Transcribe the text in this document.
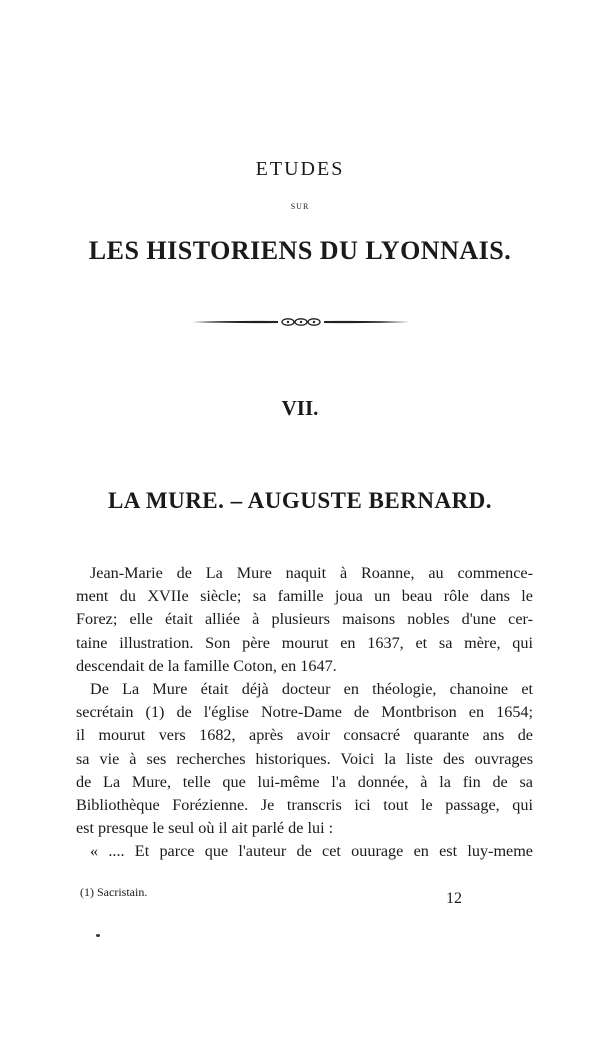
ETUDES
SUR
LES HISTORIENS DU LYONNAIS.
VII.
LA MURE. – AUGUSTE BERNARD.
Jean-Marie de La Mure naquit à Roanne, au commence-
ment du XVIIe siècle; sa famille joua un beau rôle dans le
Forez; elle était alliée à plusieurs maisons nobles d'une cer-
taine illustration. Son père mourut en 1637, et sa mère, qui
descendait de la famille Coton, en 1647.
De La Mure était déjà docteur en théologie, chanoine et
secrétain (1) de l'église Notre-Dame de Montbrison en 1654;
il mourut vers 1682, après avoir consacré quarante ans de
sa vie à ses recherches historiques. Voici la liste des ouvrages
de La Mure, telle que lui-même l'a donnée, à la fin de sa
Bibliothèque Forézienne. Je transcris ici tout le passage, qui
est presque le seul où il ait parlé de lui :
« .... Et parce que l'auteur de cet ouurage en est luy-meme
(1) Sacristain.	12
